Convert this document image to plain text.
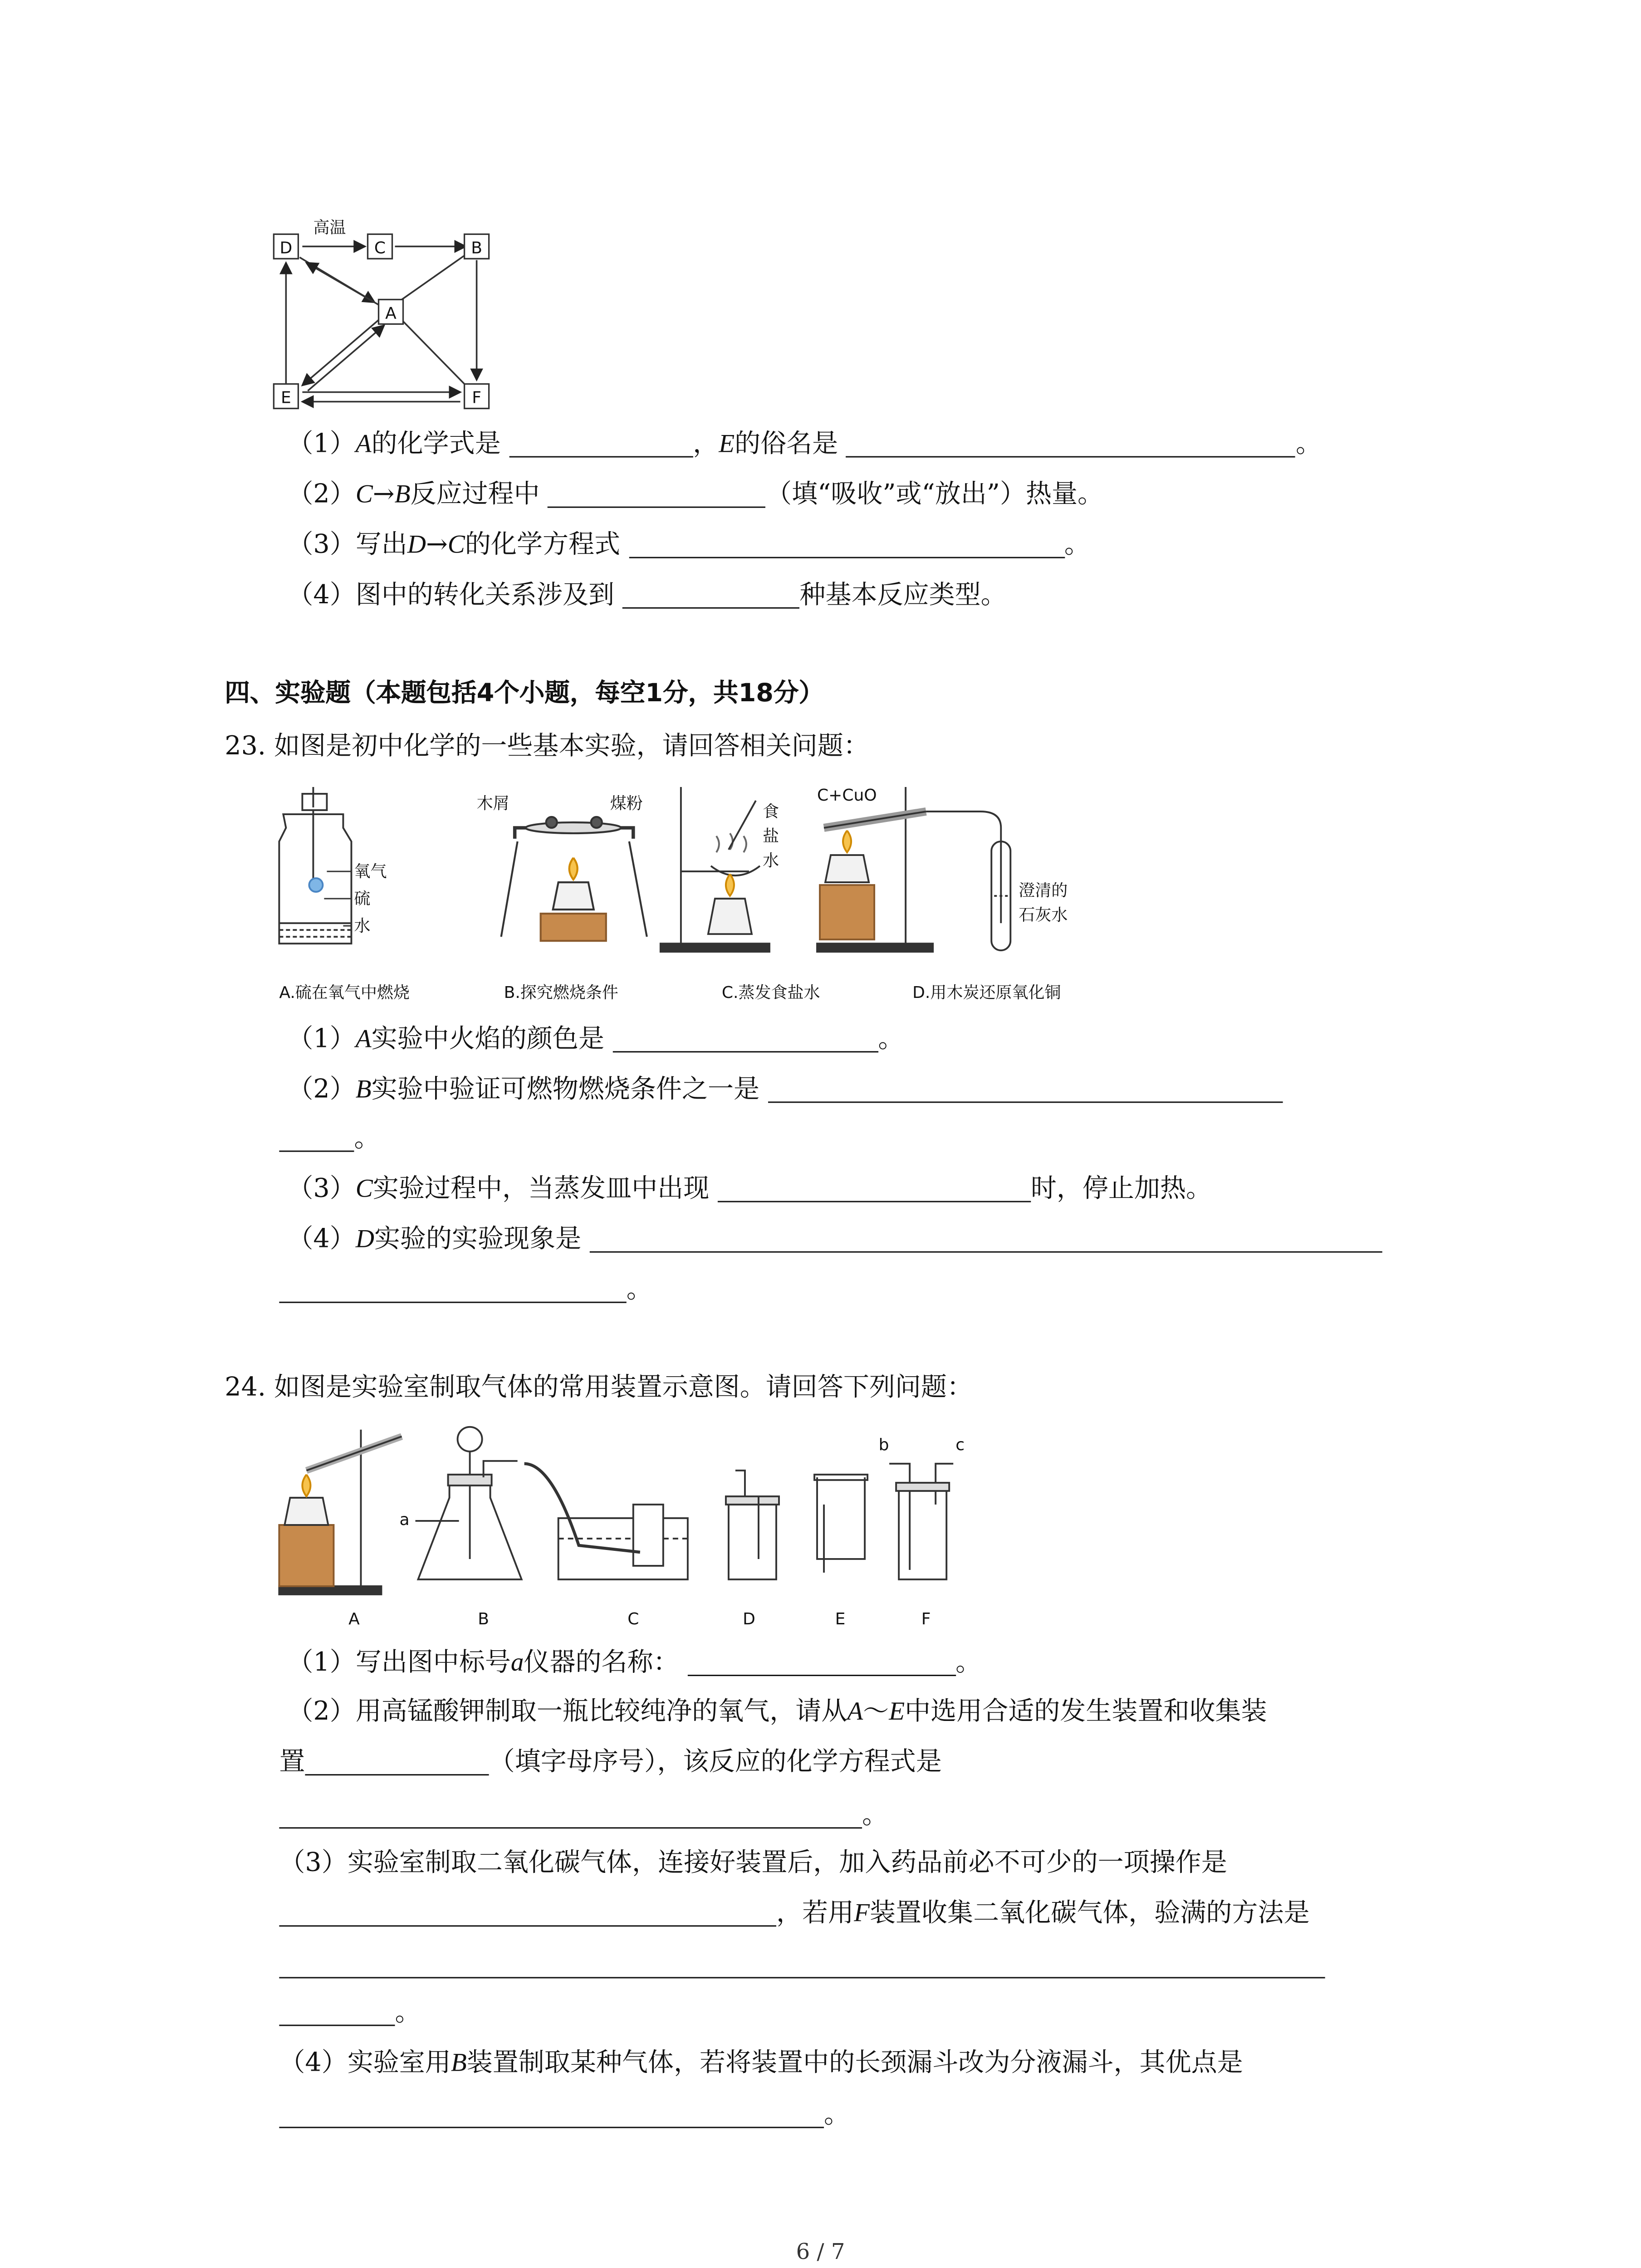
D	C	B
A
E	F
高温
（1）A的化学式是	，E的俗名是	。
（2）C→B反应过程中	（填“吸收”或“放出”）热量。
（3）写出D→C的化学方程式	。
（4）图中的转化关系涉及到	种基本反应类型。
四、实验题（本题包括4个小题，每空1分，共18分）
23. 如图是初中化学的一些基本实验，请回答相关问题：
氧气
硫
水
木屑	煤粉	食
盐
水
C+CuO
澄清的
石灰水
A.硫在氧气中燃烧	B.探究燃烧条件	C.蒸发食盐水	D.用木炭还原氧化铜
（1）A实验中火焰的颜色是	。
（2）B实验中验证可燃物燃烧条件之一是
。
（3）C实验过程中，当蒸发皿中出现	时，停止加热。
（4）D实验的实验现象是
。
24. 如图是实验室制取气体的常用装置示意图。请回答下列问题：
a
b	c
A	B	C	D	E	F
（1）写出图中标号a仪器的名称：	。
（2）用高锰酸钾制取一瓶比较纯净的氧气，请从A～E中选用合适的发生装置和收集装
置	（填字母序号），该反应的化学方程式是
。
（3）实验室制取二氧化碳气体，连接好装置后，加入药品前必不可少的一项操作是
，若用F装置收集二氧化碳气体，验满的方法是
。
（4）实验室用B装置制取某种气体，若将装置中的长颈漏斗改为分液漏斗，其优点是
。
6 / 7
